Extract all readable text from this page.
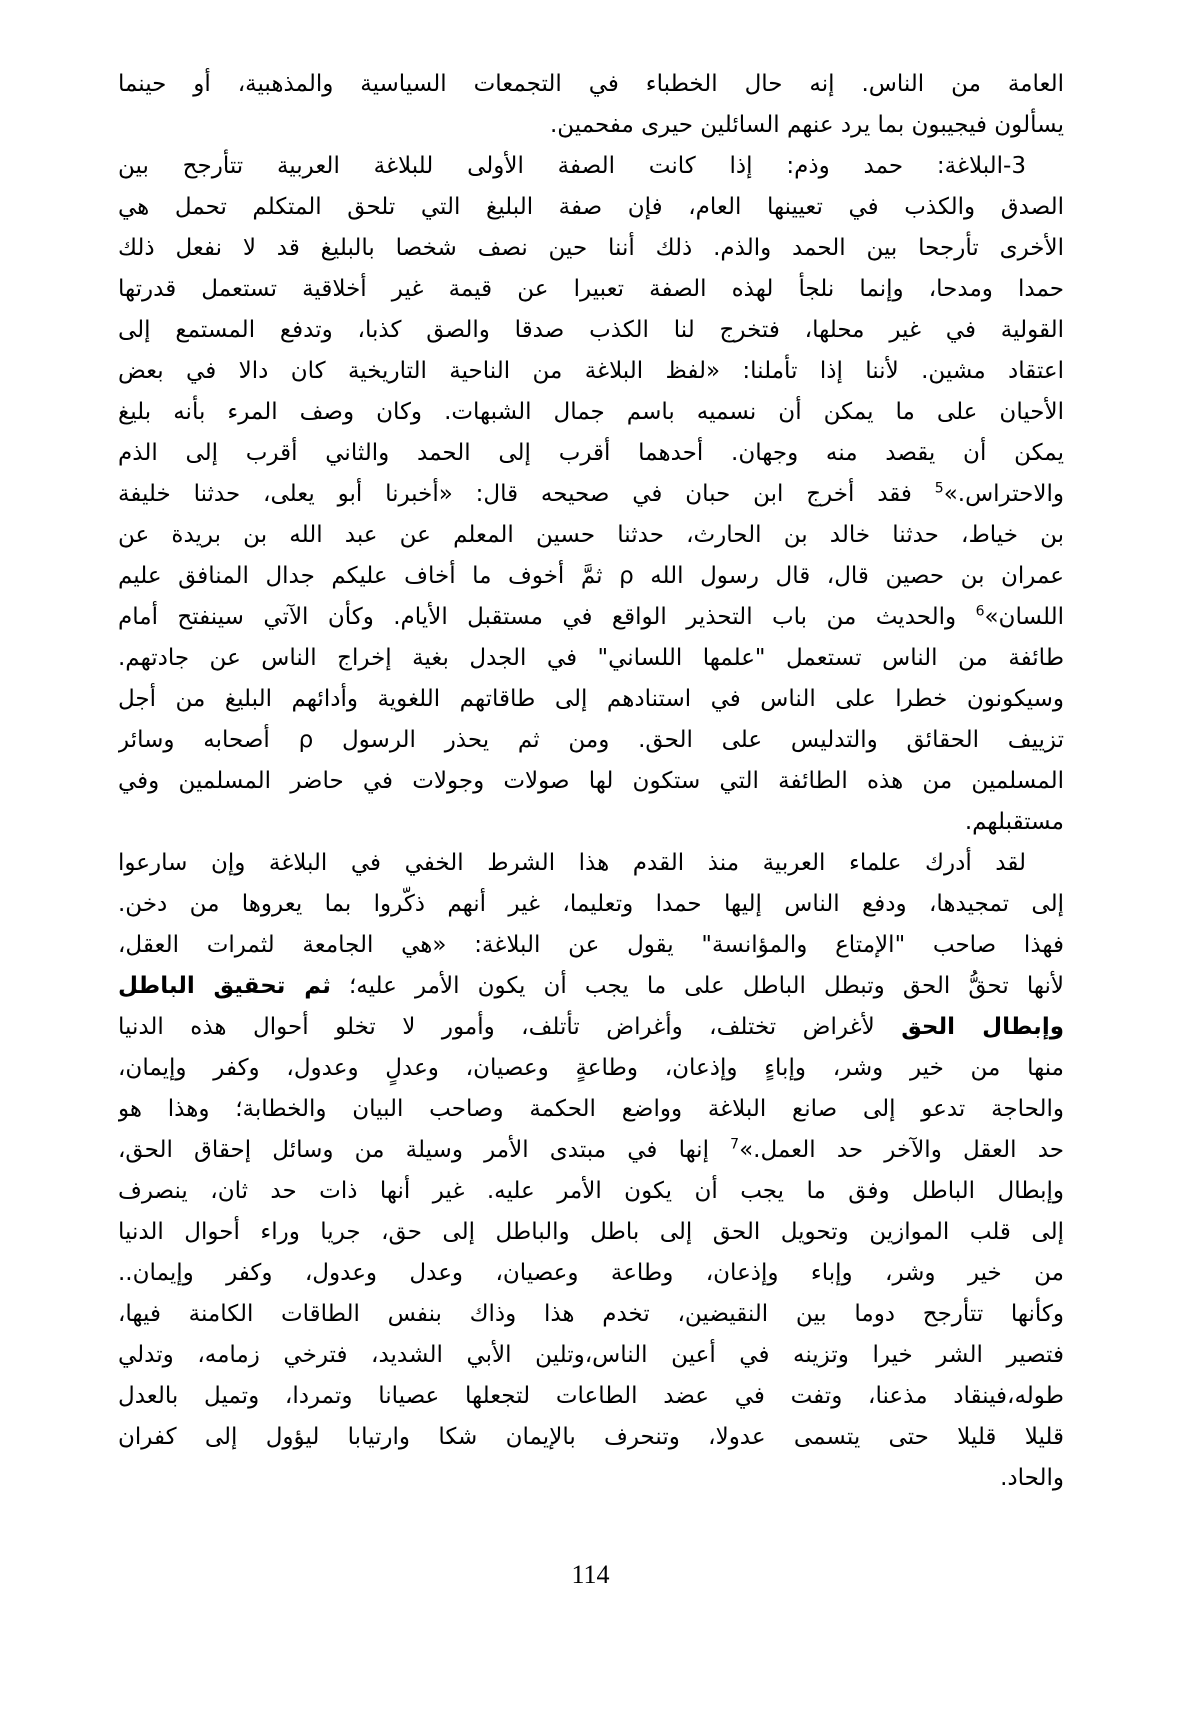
العامة من الناس. إنه حال الخطباء في التجمعات السياسية والمذهبية، أو حينما
يسألون فيجيبون بما يرد عنهم السائلين حيرى مفحمين.
3-البلاغة: حمد وذم: إذا كانت الصفة الأولى للبلاغة العربية تتأرجح بين
الصدق والكذب في تعيينها العام، فإن صفة البليغ التي تلحق المتكلم تحمل هي
الأخرى تأرجحا بين الحمد والذم. ذلك أننا حين نصف شخصا بالبليغ قد لا نفعل ذلك
حمدا ومدحا، وإنما نلجأ لهذه الصفة تعبيرا عن قيمة غير أخلاقية تستعمل قدرتها
القولية في غير محلها، فتخرج لنا الكذب صدقا والصق كذبا، وتدفع المستمع إلى
اعتقاد مشين. لأننا إذا تأملنا: «لفظ البلاغة من الناحية التاريخية كان دالا في بعض
الأحيان على ما يمكن أن نسميه باسم جمال الشبهات. وكان وصف المرء بأنه بليغ
يمكن أن يقصد منه وجهان. أحدهما أقرب إلى الحمد والثاني أقرب إلى الذم
والاحتراس.»$^5$ فقد أخرج ابن حبان في صحيحه قال: «أخبرنا أبو يعلى، حدثنا خليفة
بن خياط، حدثنا خالد بن الحارث، حدثنا حسين المعلم عن عبد الله بن بريدة عن
عمران بن حصين قال، قال رسول الله ρ ثمَّ أخوف ما أخاف عليكم جدال المنافق عليم
اللسان»$^6$ والحديث من باب التحذير الواقع في مستقبل الأيام. وكأن الآتي سينفتح أمام
طائفة من الناس تستعمل "علمها اللساني" في الجدل بغية إخراج الناس عن جادتهم.
وسيكونون خطرا على الناس في استنادهم إلى طاقاتهم اللغوية وأدائهم البليغ من أجل
تزييف الحقائق والتدليس على الحق. ومن ثم يحذر الرسول ρ أصحابه وسائر
المسلمين من هذه الطائفة التي ستكون لها صولات وجولات في حاضر المسلمين وفي
مستقبلهم.
لقد أدرك علماء العربية منذ القدم هذا الشرط الخفي في البلاغة وإن سارعوا
إلى تمجيدها، ودفع الناس إليها حمدا وتعليما، غير أنهم ذكّروا بما يعروها من دخن.
فهذا صاحب "الإمتاع والمؤانسة" يقول عن البلاغة: «هي الجامعة لثمرات العقل،
لأنها تحقُّ الحق وتبطل الباطل على ما يجب أن يكون الأمر عليه؛ ثم تحقيق الباطل
وإبطال الحق لأغراض تختلف، وأغراض تأتلف، وأمور لا تخلو أحوال هذه الدنيا
منها من خير وشر، وإباءٍ وإذعان، وطاعةٍ وعصيان، وعدلٍ وعدول، وكفر وإيمان،
والحاجة تدعو إلى صانع البلاغة وواضع الحكمة وصاحب البيان والخطابة؛ وهذا هو
حد العقل والآخر حد العمل.»$^7$ إنها في مبتدى الأمر وسيلة من وسائل إحقاق الحق،
وإبطال الباطل وفق ما يجب أن يكون الأمر عليه. غير أنها ذات حد ثان، ينصرف
إلى قلب الموازين وتحويل الحق إلى باطل والباطل إلى حق، جريا وراء أحوال الدنيا
من خير وشر، وإباء وإذعان، وطاعة وعصيان، وعدل وعدول، وكفر وإيمان..
وكأنها تتأرجح دوما بين النقيضين، تخدم هذا وذاك بنفس الطاقات الكامنة فيها،
فتصير الشر خيرا وتزينه في أعين الناس،وتلين الأبي الشديد، فترخي زمامه، وتدلي
طوله،فينقاد مذعنا، وتفت في عضد الطاعات لتجعلها عصيانا وتمردا، وتميل بالعدل
قليلا قليلا حتى يتسمى عدولا، وتنحرف بالإيمان شكا وارتيابا ليؤول إلى كفران
والحاد.
114
